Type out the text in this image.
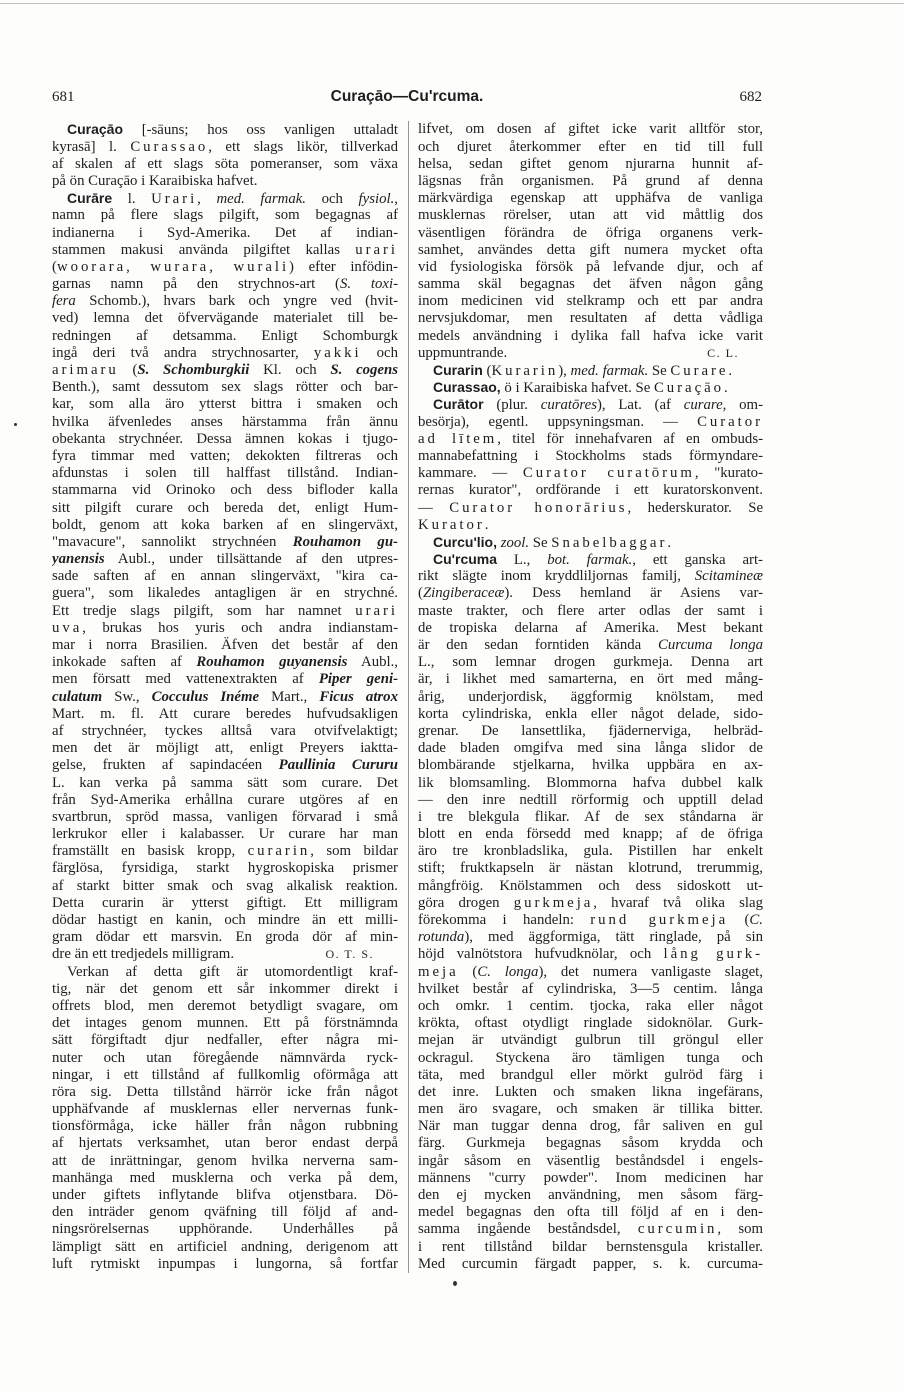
681	Curaçāo—Cu'rcuma.	682
Curaçāo [-sāuns; hos oss vanligen uttaladt
kyrasā] l. Curassao, ett slags likör, tillverkad
af skalen af ett slags söta pomeranser, som växa
på ön Curaçāo i Karaibiska hafvet.
Curāre l. Urari, med. farmak. och fysiol.,
namn på flere slags pilgift, som begagnas af
indianerna i Syd-Amerika. Det af indian-
stammen makusi använda pilgiftet kallas urari
(woorara, wurara, wurali) efter infödin-
garnas namn på den strychnos-art (S. toxi-
fera Schomb.), hvars bark och yngre ved (hvit-
ved) lemna det öfvervägande materialet till be-
redningen af detsamma. Enligt Schomburgk
ingå deri två andra strychnosarter, yakki och
arimaru (S. Schomburgkii Kl. och S. cogens
Benth.), samt dessutom sex slags rötter och bar-
kar, som alla äro ytterst bittra i smaken och
hvilka äfvenledes anses härstamma från ännu
obekanta strychnéer. Dessa ämnen kokas i tjugo-
fyra timmar med vatten; dekokten filtreras och
afdunstas i solen till halffast tillstånd. Indian-
stammarna vid Orinoko och dess bifloder kalla
sitt pilgift curare och bereda det, enligt Hum-
boldt, genom att koka barken af en slingerväxt,
"mavacure", sannolikt strychnéen Rouhamon gu-
yanensis Aubl., under tillsättande af den utpres-
sade saften af en annan slingerväxt, "kira ca-
guera", som likaledes antagligen är en strychné.
Ett tredje slags pilgift, som har namnet urari
uva, brukas hos yuris och andra indianstam-
mar i norra Brasilien. Äfven det består af den
inkokade saften af Rouhamon guyanensis Aubl.,
men försatt med vattenextrakten af Piper geni-
culatum Sw., Cocculus Inéme Mart., Ficus atrox
Mart. m. fl. Att curare beredes hufvudsakligen
af strychnéer, tyckes alltså vara otvifvelaktigt;
men det är möjligt att, enligt Preyers iaktta-
gelse, frukten af sapindacéen Paullinia Cururu
L. kan verka på samma sätt som curare. Det
från Syd-Amerika erhållna curare utgöres af en
svartbrun, spröd massa, vanligen förvarad i små
lerkrukor eller i kalabasser. Ur curare har man
framställt en basisk kropp, curarin, som bildar
färglösa, fyrsidiga, starkt hygroskopiska prismer
af starkt bitter smak och svag alkalisk reaktion.
Detta curarin är ytterst giftigt. Ett milligram
dödar hastigt en kanin, och mindre än ett milli-
gram dödar ett marsvin. En groda dör af min-
dre än ett tredjedels milligram.	O. T. S.
Verkan af detta gift är utomordentligt kraf-
tig, när det genom ett sår inkommer direkt i
offrets blod, men deremot betydligt svagare, om
det intages genom munnen. Ett på förstnämnda
sätt förgiftadt djur nedfaller, efter några mi-
nuter och utan föregående nämnvärda ryck-
ningar, i ett tillstånd af fullkomlig oförmåga att
röra sig. Detta tillstånd härrör icke från något
upphäfvande af musklernas eller nervernas funk-
tionsförmåga, icke häller från någon rubbning
af hjertats verksamhet, utan beror endast derpå
att de inrättningar, genom hvilka nerverna sam-
manhänga med musklerna och verka på dem,
under giftets inflytande blifva otjenstbara. Dö-
den inträder genom qväfning till följd af and-
ningsrörelsernas upphörande. Underhålles på
lämpligt sätt en artificiel andning, derigenom att
luft rytmiskt inpumpas i lungorna, så fortfar
lifvet, om dosen af giftet icke varit alltför stor,
och djuret återkommer efter en tid till full
helsa, sedan giftet genom njurarna hunnit af-
lägsnas från organismen. På grund af denna
märkvärdiga egenskap att upphäfva de vanliga
musklernas rörelser, utan att vid måttlig dos
väsentligen förändra de öfriga organens verk-
samhet, användes detta gift numera mycket ofta
vid fysiologiska försök på lefvande djur, och af
samma skäl begagnas det äfven någon gång
inom medicinen vid stelkramp och ett par andra
nervsjukdomar, men resultaten af detta vådliga
medels användning i dylika fall hafva icke varit
uppmuntrande.	C. L.
Curarin (Kurarin), med. farmak. Se Curare.
Curassao, ö i Karaibiska hafvet. Se Curaçāo.
Curātor (plur. curatōres), Lat. (af curare, om-
besörja), egentl. uppsyningsman. — Curator
ad lītem, titel för innehafvaren af en ombuds-
mannabefattning i Stockholms stads förmyndare-
kammare. — Curator curatōrum, "kurato-
rernas kurator", ordförande i ett kuratorskonvent.
— Curator honorārius, hederskurator. Se
Kurator.
Curcu'lio, zool. Se Snabelbaggar.
Cu'rcuma L., bot. farmak., ett ganska art-
rikt slägte inom kryddliljornas familj, Scitamineæ
(Zingiberaceæ). Dess hemland är Asiens var-
maste trakter, och flere arter odlas der samt i
de tropiska delarna af Amerika. Mest bekant
är den sedan forntiden kända Curcuma longa
L., som lemnar drogen gurkmeja. Denna art
är, i likhet med samarterna, en ört med mång-
årig, underjordisk, äggformig knölstam, med
korta cylindriska, enkla eller något delade, sido-
grenar. De lansettlika, fjädernerviga, helbräd-
dade bladen omgifva med sina långa slidor de
blombärande stjelkarna, hvilka uppbära en ax-
lik blomsamling. Blommorna hafva dubbel kalk
— den inre nedtill rörformig och upptill delad
i tre blekgula flikar. Af de sex ståndarna är
blott en enda försedd med knapp; af de öfriga
äro tre kronbladslika, gula. Pistillen har enkelt
stift; fruktkapseln är nästan klotrund, trerummig,
mångfröig. Knölstammen och dess sidoskott ut-
göra drogen gurkmeja, hvaraf två olika slag
förekomma i handeln: rund gurkmeja (C.
rotunda), med äggformiga, tätt ringlade, på sin
höjd valnötstora hufvudknölar, och lång gurk-
meja (C. longa), det numera vanligaste slaget,
hvilket består af cylindriska, 3—5 centim. långa
och omkr. 1 centim. tjocka, raka eller något
krökta, oftast otydligt ringlade sidoknölar. Gurk-
mejan är utvändigt gulbrun till gröngul eller
ockragul. Styckena äro tämligen tunga och
täta, med brandgul eller mörkt gulröd färg i
det inre. Lukten och smaken likna ingefärans,
men äro svagare, och smaken är tillika bitter.
När man tuggar denna drog, får saliven en gul
färg. Gurkmeja begagnas såsom krydda och
ingår såsom en väsentlig beståndsdel i engels-
männens "curry powder". Inom medicinen har
den ej mycken användning, men såsom färg-
medel begagnas den ofta till följd af en i den-
samma ingående beståndsdel, curcumin, som
i rent tillstånd bildar bernstensgula kristaller.
Med curcumin färgadt papper, s. k. curcuma-
